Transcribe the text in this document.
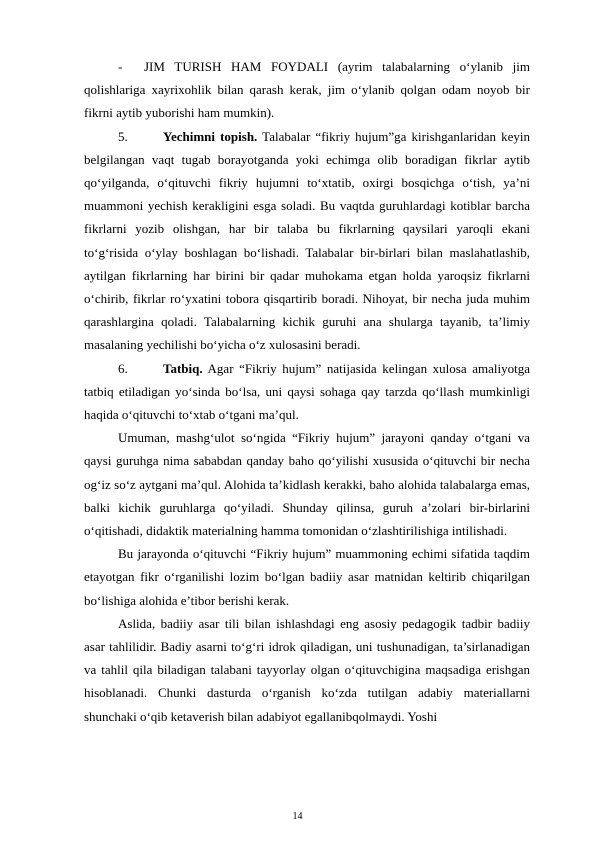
- JIM TURISH HAM FOYDALI (ayrim talabalarning o‘ylanib jim qolishlariga xayrixohlik bilan qarash kerak, jim o‘ylanib qolgan odam noyob bir fikrni aytib yuborishi ham mumkin).

5.	Yechimni topish. Talabalar “fikriy hujum”ga kirishganlaridan keyin belgilangan vaqt tugab borayotganda yoki echimga olib boradigan fikrlar aytib qo‘yilganda, o‘qituvchi fikriy hujumni to‘xtatib, oxirgi bosqichga o‘tish, ya’ni muammoni yechish kerakligini esga soladi. Bu vaqtda guruhlardagi kotiblar barcha fikrlarni yozib olishgan, har bir talaba bu fikrlarning qaysilari yaroqli ekani to‘g‘risida o‘ylay boshlagan bo‘lishadi. Talabalar bir-birlari bilan maslahatlashib, aytilgan fikrlarning har birini bir qadar muhokama etgan holda yaroqsiz fikrlarni o‘chirib, fikrlar ro‘yxatini tobora qisqartirib boradi. Nihoyat, bir necha juda muhim qarashlargina qoladi. Talabalarning kichik guruhi ana shularga tayanib, ta’limiy masalaning yechilishi bo‘yicha o‘z xulosasini beradi.

6.	Tatbiq. Agar “Fikriy hujum” natijasida kelingan xulosa amaliyotga tatbiq etiladigan yo‘sinda bo‘lsa, uni qaysi sohaga qay tarzda qo‘llash mumkinligi haqida o‘qituvchi to‘xtab o‘tgani ma’qul.

Umuman, mashg‘ulot so‘ngida “Fikriy hujum” jarayoni qanday o‘tgani va qaysi guruhga nima sababdan qanday baho qo‘yilishi xususida o‘qituvchi bir necha og‘iz so‘z aytgani ma’qul. Alohida ta’kidlash kerakki, baho alohida talabalarga emas, balki kichik guruhlarga qo‘yiladi. Shunday qilinsa, guruh a’zolari bir-birlarini o‘qitishadi, didaktik materialning hamma tomonidan o‘zlashtirilishiga intilishadi.

Bu jarayonda o‘qituvchi “Fikriy hujum” muammoning echimi sifatida taqdim etayotgan fikr o‘rganilishi lozim bo‘lgan badiiy asar matnidan keltirib chiqarilgan bo‘lishiga alohida e’tibor berishi kerak.

Aslida, badiiy asar tili bilan ishlashdagi eng asosiy pedagogik tadbir badiiy asar tahlilidir. Badiy asarni to‘g‘ri idrok qiladigan, uni tushunadigan, ta’sirlanadigan va tahlil qila biladigan talabani tayyorlay olgan o‘qituvchigina maqsadiga erishgan hisoblanadi. Chunki dasturda o‘rganish ko‘zda tutilgan adabiy materiallarni shunchaki o‘qib ketaverish bilan adabiyot egallanibqolmaydi. Yoshi

14
